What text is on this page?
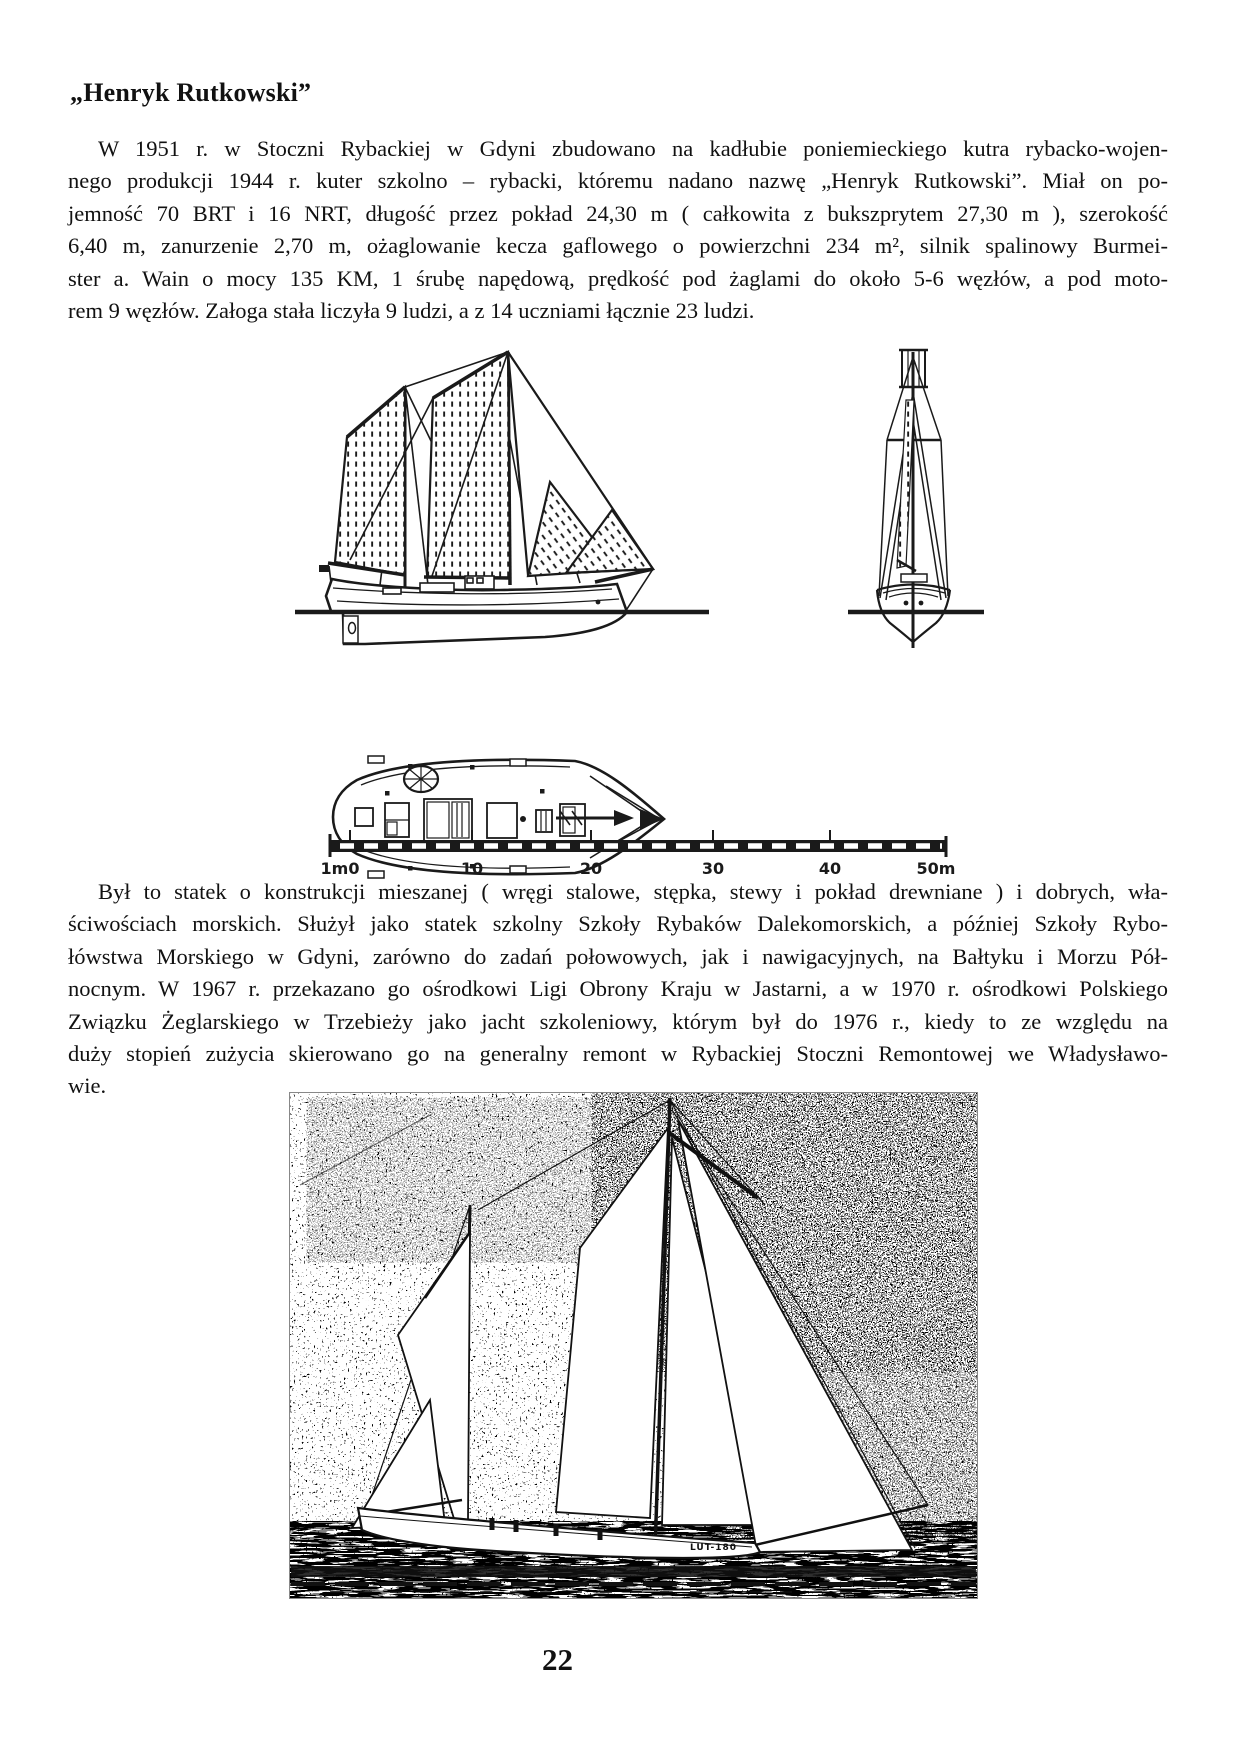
„Henryk Rutkowski”
W 1951 r. w Stoczni Rybackiej w Gdyni zbudowano na kadłubie poniemieckiego kutra rybacko-wojen-
nego produkcji 1944 r. kuter szkolno – rybacki, któremu nadano nazwę „Henryk Rutkowski”. Miał on po-
jemność 70 BRT i 16 NRT, długość przez pokład 24,30 m ( całkowita z bukszprytem 27,30 m ), szerokość
6,40 m, zanurzenie 2,70 m, ożaglowanie kecza gaflowego o powierzchni 234 m², silnik spalinowy Burmei-
ster a. Wain o mocy 135 KM, 1 śrubę napędową, prędkość pod żaglami do około 5-6 węzłów, a pod moto-
rem 9 węzłów. Załoga stała liczyła 9 ludzi, a z 14 uczniami łącznie 23 ludzi.
1m0	10	20	30	40	50m
Był to statek o konstrukcji mieszanej ( wręgi stalowe, stępka, stewy i pokład drewniane ) i dobrych, wła-
ściwościach morskich. Służył jako statek szkolny Szkoły Rybaków Dalekomorskich, a później Szkoły Rybo-
łówstwa Morskiego w Gdyni, zarówno do zadań połowowych, jak i nawigacyjnych, na Bałtyku i Morzu Pół-
nocnym. W 1967 r. przekazano go ośrodkowi Ligi Obrony Kraju w Jastarni, a w 1970 r. ośrodkowi Polskiego
Związku Żeglarskiego w Trzebieży jako jacht szkoleniowy, którym był do 1976 r., kiedy to ze względu na
duży stopień zużycia skierowano go na generalny remont w Rybackiej Stoczni Remontowej we Władysławo-
wie.
LUT-180
22
